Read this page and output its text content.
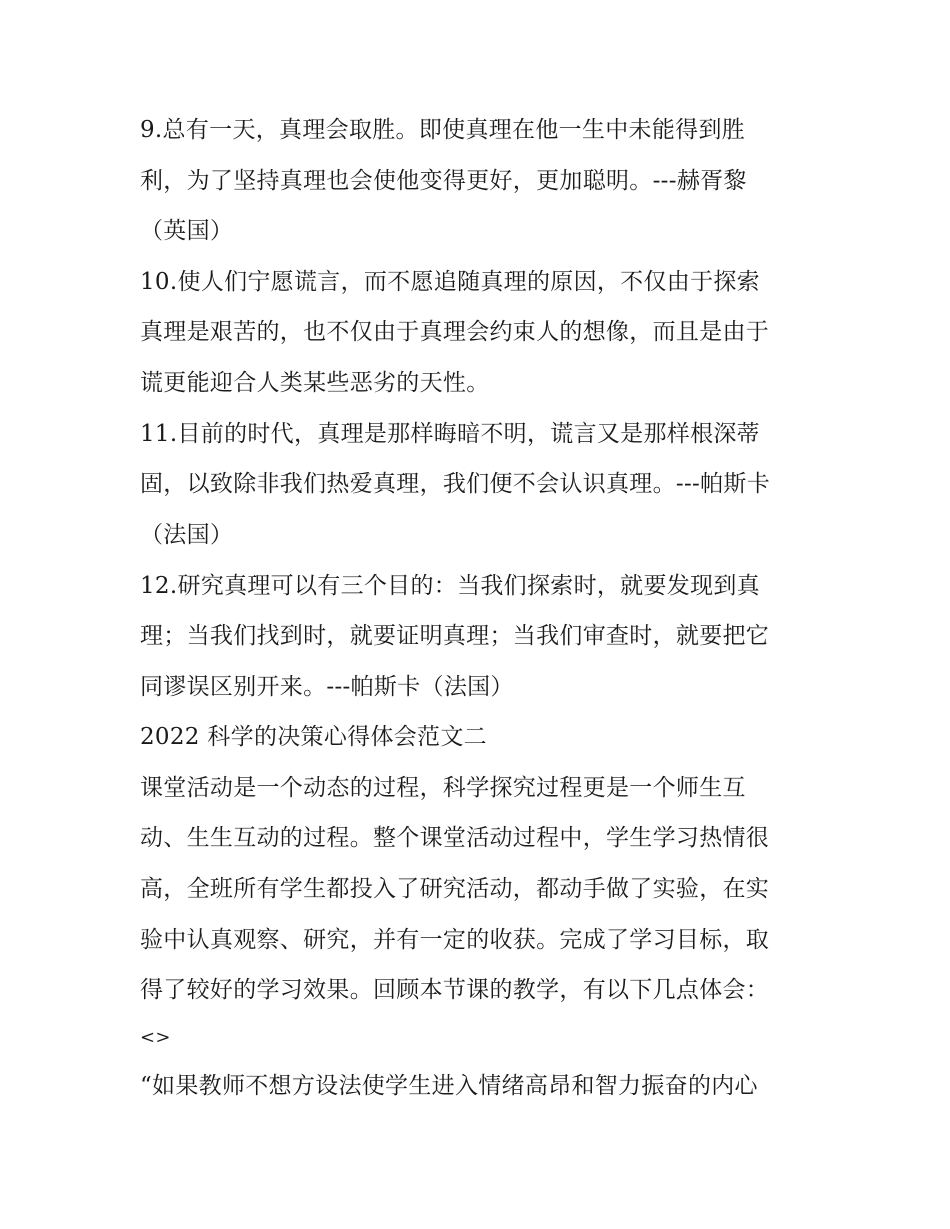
9.总有一天，真理会取胜。即使真理在他一生中未能得到胜
利，为了坚持真理也会使他变得更好，更加聪明。---赫胥黎
（英国）
10.使人们宁愿谎言，而不愿追随真理的原因，不仅由于探索
真理是艰苦的，也不仅由于真理会约束人的想像，而且是由于
谎更能迎合人类某些恶劣的天性。
11.目前的时代，真理是那样晦暗不明，谎言又是那样根深蒂
固，以致除非我们热爱真理，我们便不会认识真理。---帕斯卡
（法国）
12.研究真理可以有三个目的：当我们探索时，就要发现到真
理；当我们找到时，就要证明真理；当我们审查时，就要把它
同谬误区别开来。---帕斯卡（法国）
2022 科学的决策心得体会范文二
课堂活动是一个动态的过程，科学探究过程更是一个师生互
动、生生互动的过程。整个课堂活动过程中，学生学习热情很
高，全班所有学生都投入了研究活动，都动手做了实验，在实
验中认真观察、研究，并有一定的收获。完成了学习目标，取
得了较好的学习效果。回顾本节课的教学，有以下几点体会：
<>
“如果教师不想方设法使学生进入情绪高昂和智力振奋的内心
